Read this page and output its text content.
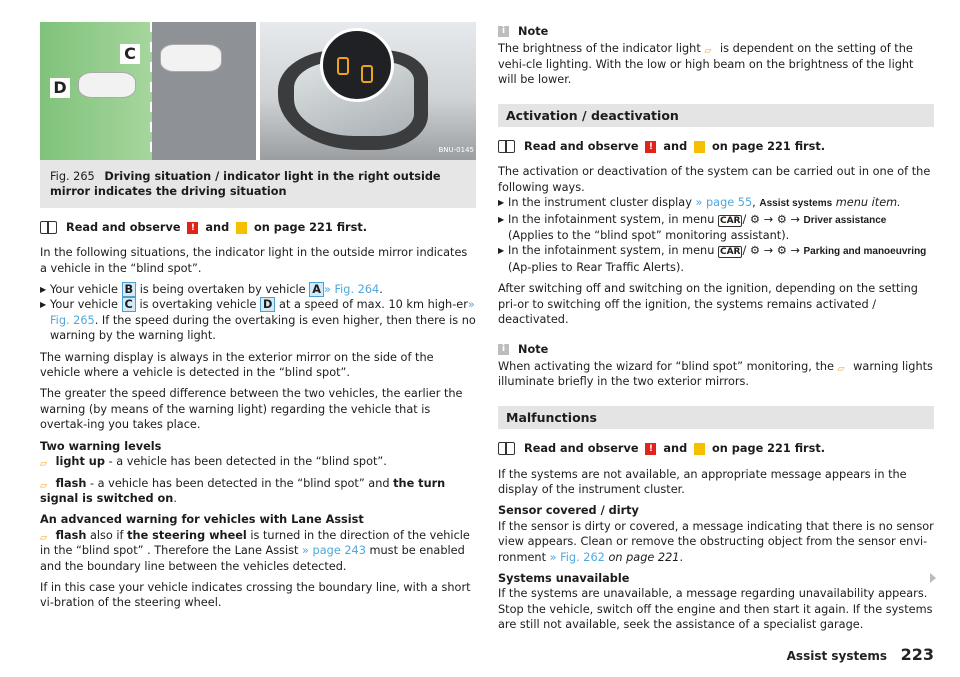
C
D
BNU-0145
Fig. 265 Driving situation / indicator light in the right outside mirror indicates the driving situation
Read and observe
	!
and

on page 221 first.

In the following situations, the indicator light in the outside mirror indicates a vehicle in the “blind spot”.

▶ Your vehicle B is being overtaken by vehicle A » Fig. 264.

▶ Your vehicle C is overtaking vehicle D at a speed of max. 10 km high-er» Fig. 265. If the speed during the overtaking is even higher, then there is no warning by the warning light.

The warning display is always in the exterior mirror on the side of the vehicle where a vehicle is detected in the “blind spot”.

The greater the speed difference between the two vehicles, the earlier the warning (by means of the warning light) regarding the vehicle that is overtak-ing you takes place.

Two warning levels

▱ light up - a vehicle has been detected in the “blind spot”.

▱ flash - a vehicle has been detected in the “blind spot” and the turn signal is switched on.

An advanced warning for vehicles with Lane Assist

▱ flash also if the steering wheel is turned in the direction of the vehicle in the “blind spot” . Therefore the Lane Assist » page 243 must be enabled and the boundary line between the vehicles detected.

If in this case your vehicle indicates crossing the boundary line, with a short vi-bration of the steering wheel.

i	Note

The brightness of the indicator light ▱ is dependent on the setting of the vehi-cle lighting. With the low or high beam on the brightness of the light will be lower.

Activation / deactivation
Read and observe
	!
and

on page 221 first.

The activation or deactivation of the system can be carried out in one of the following ways.

▶ In the instrument cluster display » page 55, Assist systems menu item.

▶ In the infotainment system, in menu CAR / ⚙ → ⚙ → Driver assistance (Applies to the “blind spot” monitoring assistant).

▶ In the infotainment system, in menu CAR / ⚙ → ⚙ → Parking and manoeuvring (Ap-plies to Rear Traffic Alerts).

After switching off and switching on the ignition, depending on the setting pri-or to switching off the ignition, the systems remains activated / deactivated.

i	Note

When activating the wizard for “blind spot” monitoring, the ▱ warning lights illuminate briefly in the two exterior mirrors.

Malfunctions
Read and observe
	!
and

on page 221 first.

If the systems are not available, an appropriate message appears in the display of the instrument cluster.

Sensor covered / dirty

If the sensor is dirty or covered, a message indicating that there is no sensor view appears. Clean or remove the obstructing object from the sensor envi-ronment » Fig. 262 on page 221.

Systems unavailable

If the systems are unavailable, a message regarding unavailability appears. Stop the vehicle, switch off the engine and then start it again. If the systems are still not available, seek the assistance of a specialist garage.

Assist systems 223
